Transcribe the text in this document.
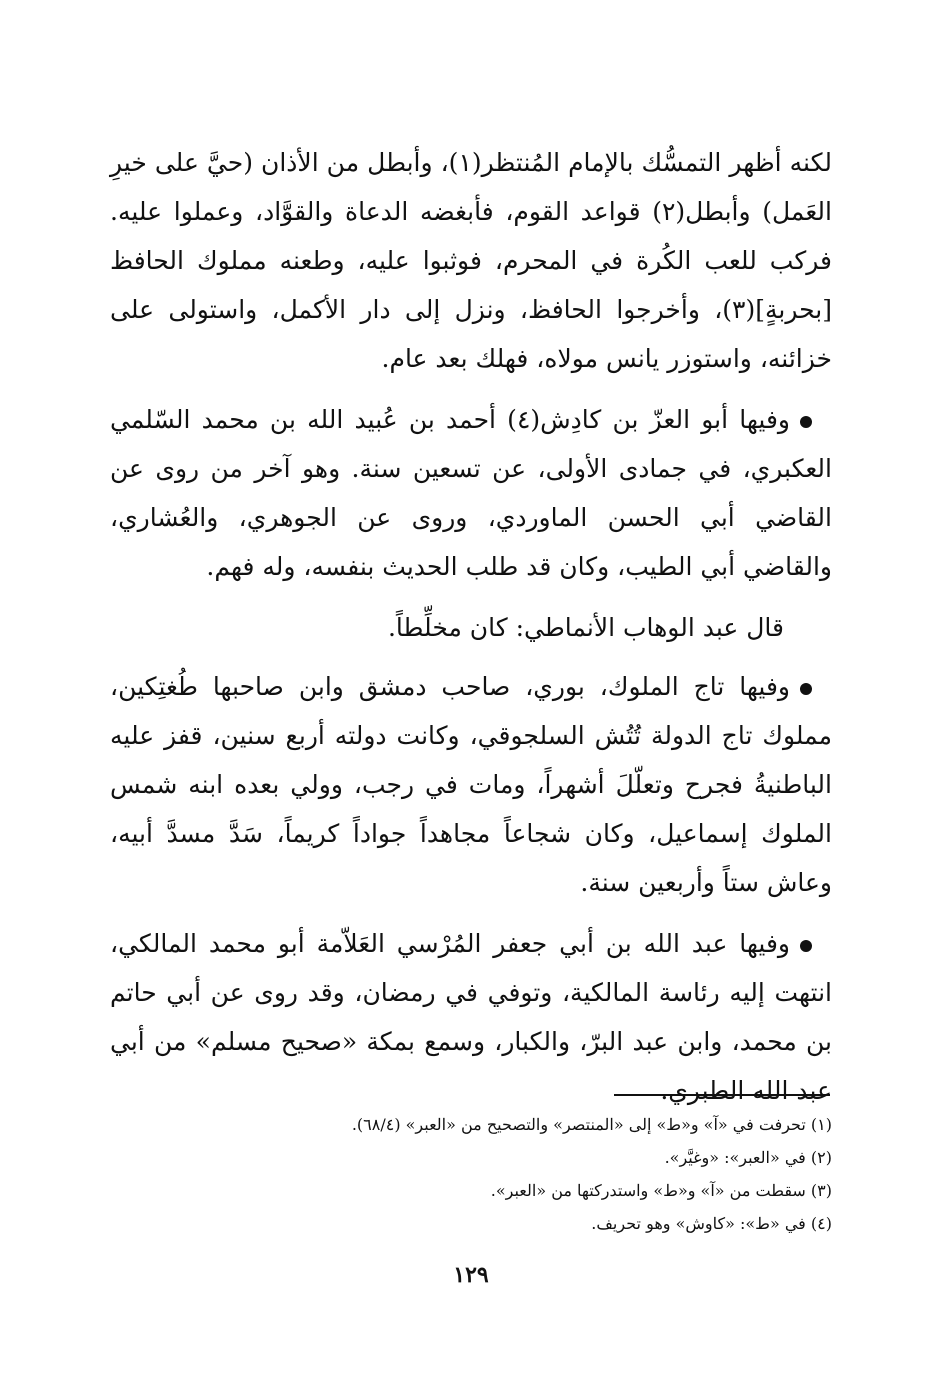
لكنه أظهر التمسُّك بالإمام المُنتظر(١)، وأبطل من الأذان (حيَّ على خيرِ العَمل) وأبطل(٢) قواعد القوم، فأبغضه الدعاة والقوَّاد، وعملوا عليه. فركب للعب الكُرة في المحرم، فوثبوا عليه، وطعنه مملوك الحافظ [بحربةٍ](٣)، وأخرجوا الحافظ، ونزل إلى دار الأكمل، واستولى على خزائنه، واستوزر يانس مولاه، فهلك بعد عام.

وفيها أبو العزّ بن كادِش(٤) أحمد بن عُبيد الله بن محمد السّلمي العكبري، في جمادى الأولى، عن تسعين سنة. وهو آخر من روى عن القاضي أبي الحسن الماوردي، وروى عن الجوهري، والعُشاري، والقاضي أبي الطيب، وكان قد طلب الحديث بنفسه، وله فهم.

قال عبد الوهاب الأنماطي: كان مخلِّطاً.

وفيها تاج الملوك، بوري، صاحب دمشق وابن صاحبها طُغتِكين، مملوك تاج الدولة تُتُش السلجوقي، وكانت دولته أربع سنين، قفز عليه الباطنيةُ فجرح وتعلّلَ أشهراً، ومات في رجب، وولي بعده ابنه شمس الملوك إسماعيل، وكان شجاعاً مجاهداً جواداً كريماً، سَدَّ مسدَّ أبيه، وعاش ستاً وأربعين سنة.

وفيها عبد الله بن أبي جعفر المُرْسي العَلاّمة أبو محمد المالكي، انتهت إليه رئاسة المالكية، وتوفي في رمضان، وقد روى عن أبي حاتم بن محمد، وابن عبد البرّ، والكبار، وسمع بمكة «صحيح مسلم» من أبي عبد الله الطبري.

(١) تحرفت في «آ» و«ط» إلى «المنتصر» والتصحيح من «العبر» (٦٨/٤).

(٢) في «العبر»: «وغيَّر».

(٣) سقطت من «آ» و«ط» واستدركتها من «العبر».

(٤) في «ط»: «كاوش» وهو تحريف.

١٢٩
